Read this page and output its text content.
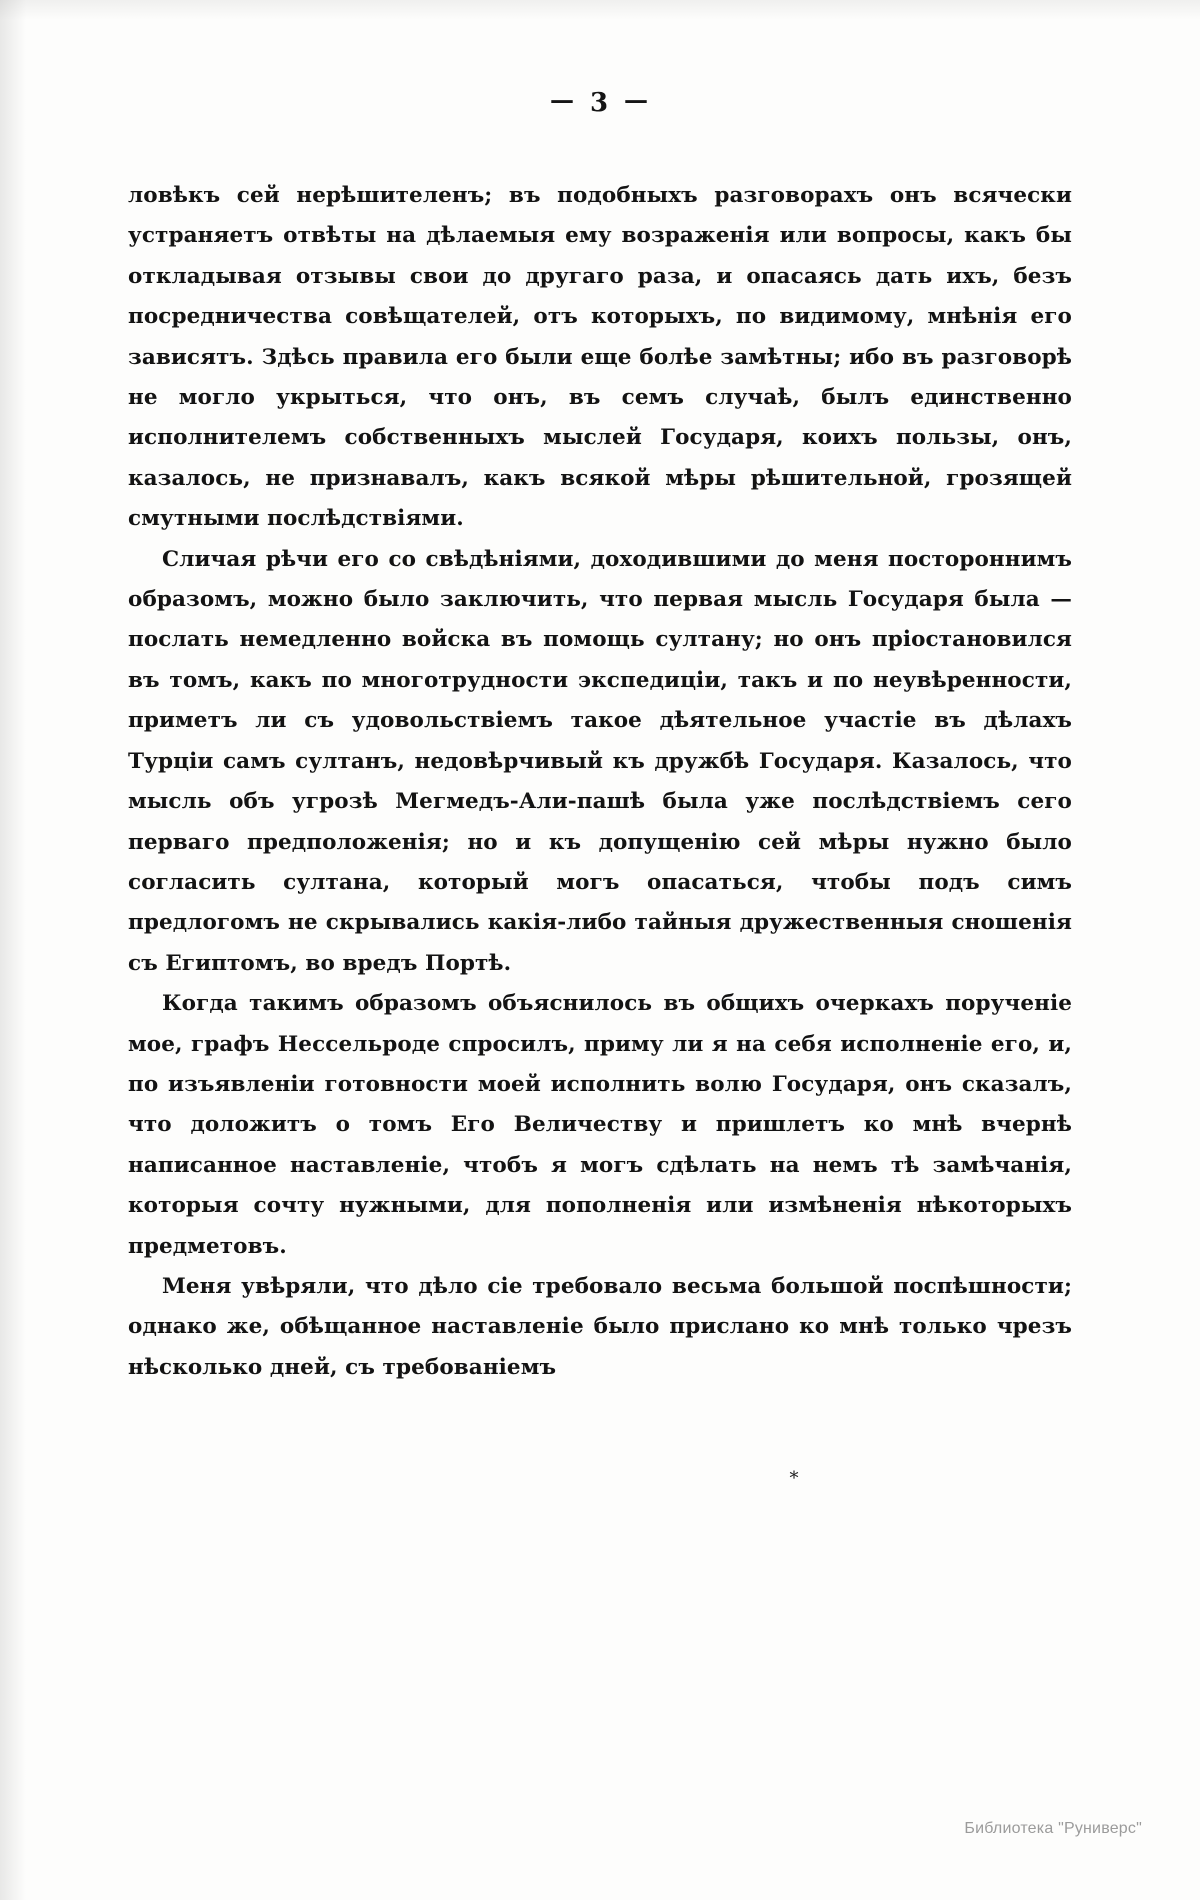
— 3 —

ловѣкъ сей нерѣшителенъ; въ подобныхъ разговорахъ онъ всячески устраняетъ отвѣты на дѣлаемыя ему возраженія или вопросы, какъ бы откладывая отзывы свои до другаго раза, и опасаясь дать ихъ, безъ посредничества совѣщателей, отъ которыхъ, по видимому, мнѣнія его зависятъ. Здѣсь правила его были еще болѣе замѣтны; ибо въ разговорѣ не могло укрыться, что онъ, въ семъ случаѣ, былъ единственно исполнителемъ собственныхъ мыслей Государя, коихъ пользы, онъ, казалось, не признавалъ, какъ всякой мѣры рѣшительной, грозящей смутными послѣдствіями.

Сличая рѣчи его со свѣдѣніями, доходившими до меня постороннимъ образомъ, можно было заключить, что первая мысль Государя была — послать немедленно войска въ помощь султану; но онъ пріостановился въ томъ, какъ по многотрудности экспедиціи, такъ и по неувѣренности, приметъ ли съ удовольствіемъ такое дѣятельное участіе въ дѣлахъ Турціи самъ султанъ, недовѣрчивый къ дружбѣ Государя. Казалось, что мысль объ угрозѣ Мегмедъ-Али-пашѣ была уже послѣдствіемъ сего перваго предположенія; но и къ допущенію сей мѣры нужно было согласить султана, который могъ опасаться, чтобы подъ симъ предлогомъ не скрывались какія-либо тайныя дружественныя сношенія съ Египтомъ, во вредъ Портѣ.

Когда такимъ образомъ объяснилось въ общихъ очеркахъ порученіе мое, графъ Нессельроде спросилъ, приму ли я на себя исполненіе его, и, по изъявленіи готовности моей исполнить волю Государя, онъ сказалъ, что доложитъ о томъ Его Величеству и пришлетъ ко мнѣ вчернѣ написанное наставленіе, чтобъ я могъ сдѣлать на немъ тѣ замѣчанія, которыя сочту нужными, для пополненія или измѣненія нѣкоторыхъ предметовъ.

Меня увѣряли, что дѣло сіе требовало весьма большой поспѣшности; однако же, обѣщанное наставленіе было прислано ко мнѣ только чрезъ нѣсколько дней, съ требованіемъ

*
Библиотека "Руниверс"
